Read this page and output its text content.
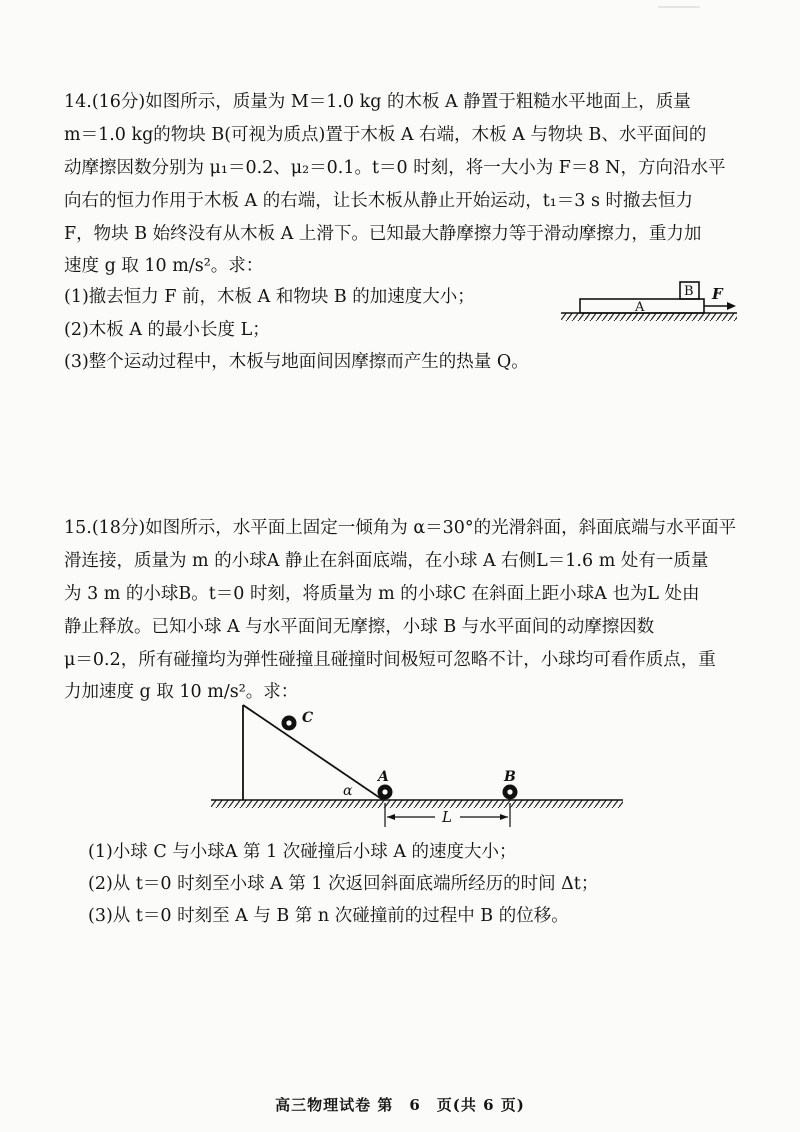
14.(16分)如图所示，质量为 M＝1.0 kg 的木板 A 静置于粗糙水平地面上，质量
m＝1.0 kg的物块 B(可视为质点)置于木板 A 右端，木板 A 与物块 B、水平面间的
动摩擦因数分别为 μ₁＝0.2、μ₂＝0.1。t＝0 时刻，将一大小为 F＝8 N，方向沿水平
向右的恒力作用于木板 A 的右端，让长木板从静止开始运动，t₁＝3 s 时撤去恒力
F，物块 B 始终没有从木板 A 上滑下。已知最大静摩擦力等于滑动摩擦力，重力加
速度 g 取 10 m/s²。求：
(1)撤去恒力 F 前，木板 A 和物块 B 的加速度大小；
(2)木板 A 的最小长度 L；
(3)整个运动过程中，木板与地面间因摩擦而产生的热量 Q。
A
B F
15.(18分)如图所示，水平面上固定一倾角为 α＝30°的光滑斜面，斜面底端与水平面平
滑连接，质量为 m 的小球A 静止在斜面底端，在小球 A 右侧L＝1.6 m 处有一质量
为 3 m 的小球B。t＝0 时刻，将质量为 m 的小球C 在斜面上距小球A 也为L 处由
静止释放。已知小球 A 与水平面间无摩擦，小球 B 与水平面间的动摩擦因数
μ＝0.2，所有碰撞均为弹性碰撞且碰撞时间极短可忽略不计，小球均可看作质点，重
力加速度 g 取 10 m/s²。求：
α
C
A	B
L
(1)小球 C 与小球A 第 1 次碰撞后小球 A 的速度大小；
(2)从 t＝0 时刻至小球 A 第 1 次返回斜面底端所经历的时间 Δt；
(3)从 t＝0 时刻至 A 与 B 第 n 次碰撞前的过程中 B 的位移。
高三物理试卷 第　6　页(共 6 页)
